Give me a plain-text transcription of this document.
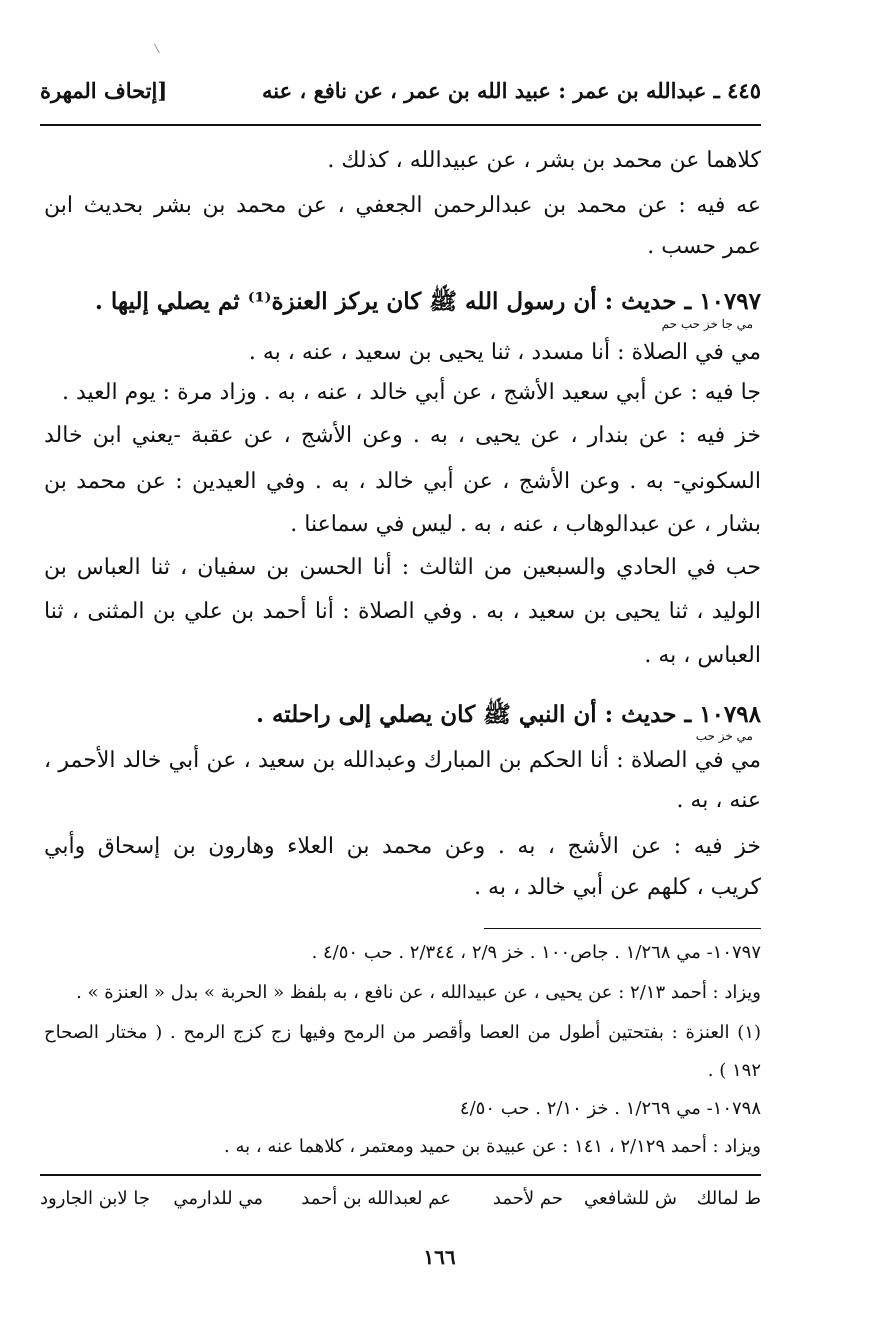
٤٤٥ ـ عبدالله بن عمر : عبيد الله بن عمر ، عن نافع ، عنه
[إتحاف المهرة
كلاهما عن محمد بن بشر ، عن عبيدالله ، كذلك .
عه فيه : عن محمد بن عبدالرحمن الجعفي ، عن محمد بن بشر بحديث ابن
عمر حسب .
١٠٧٩٧ ـ حديث : أن رسول الله ﷺ كان يركز العنزة⁽¹⁾ ثم يصلي إليها .
مي جا خز حب حم
مي في الصلاة : أنا مسدد ، ثنا يحيى بن سعيد ، عنه ، به .
جا فيه : عن أبي سعيد الأشج ، عن أبي خالد ، عنه ، به . وزاد مرة : يوم العيد .
خز فيه : عن بندار ، عن يحيى ، به . وعن الأشج ، عن عقبة -يعني ابن خالد
السكوني- به . وعن الأشج ، عن أبي خالد ، به . وفي العيدين : عن محمد بن
بشار ، عن عبدالوهاب ، عنه ، به . ليس في سماعنا .
حب في الحادي والسبعين من الثالث : أنا الحسن بن سفيان ، ثنا العباس بن
الوليد ، ثنا يحيى بن سعيد ، به . وفي الصلاة : أنا أحمد بن علي بن المثنى ، ثنا
العباس ، به .
١٠٧٩٨ ـ حديث : أن النبي ﷺ كان يصلي إلى راحلته .
مي خز حب
مي في الصلاة : أنا الحكم بن المبارك وعبدالله بن سعيد ، عن أبي خالد الأحمر ،
عنه ، به .
خز فيه : عن الأشج ، به . وعن محمد بن العلاء وهارون بن إسحاق وأبي
كريب ، كلهم عن أبي خالد ، به .
١٠٧٩٧- مي ١/٢٦٨ . جاص١٠٠ . خز ٢/٩ ، ٢/٣٤٤ . حب ٤/٥٠ .
ويزاد : أحمد ٢/١٣ : عن يحيى ، عن عبيدالله ، عن نافع ، به بلفظ « الحربة » بدل « العنزة » .
(١) العنزة : بفتحتين أطول من العصا وأقصر من الرمح وفيها زج كزج الرمح . ( مختار الصحاح
١٩٢ ) .
١٠٧٩٨- مي ١/٢٦٩ . خز ٢/١٠ . حب ٤/٥٠
ويزاد : أحمد ٢/١٢٩ ، ١٤١ : عن عبيدة بن حميد ومعتمر ، كلاهما عنه ، به .
ط لمالك
ش للشافعي
حم لأحمد
عم لعبدالله بن أحمد
مي للدارمي
جا لابن الجارود
١٦٦
